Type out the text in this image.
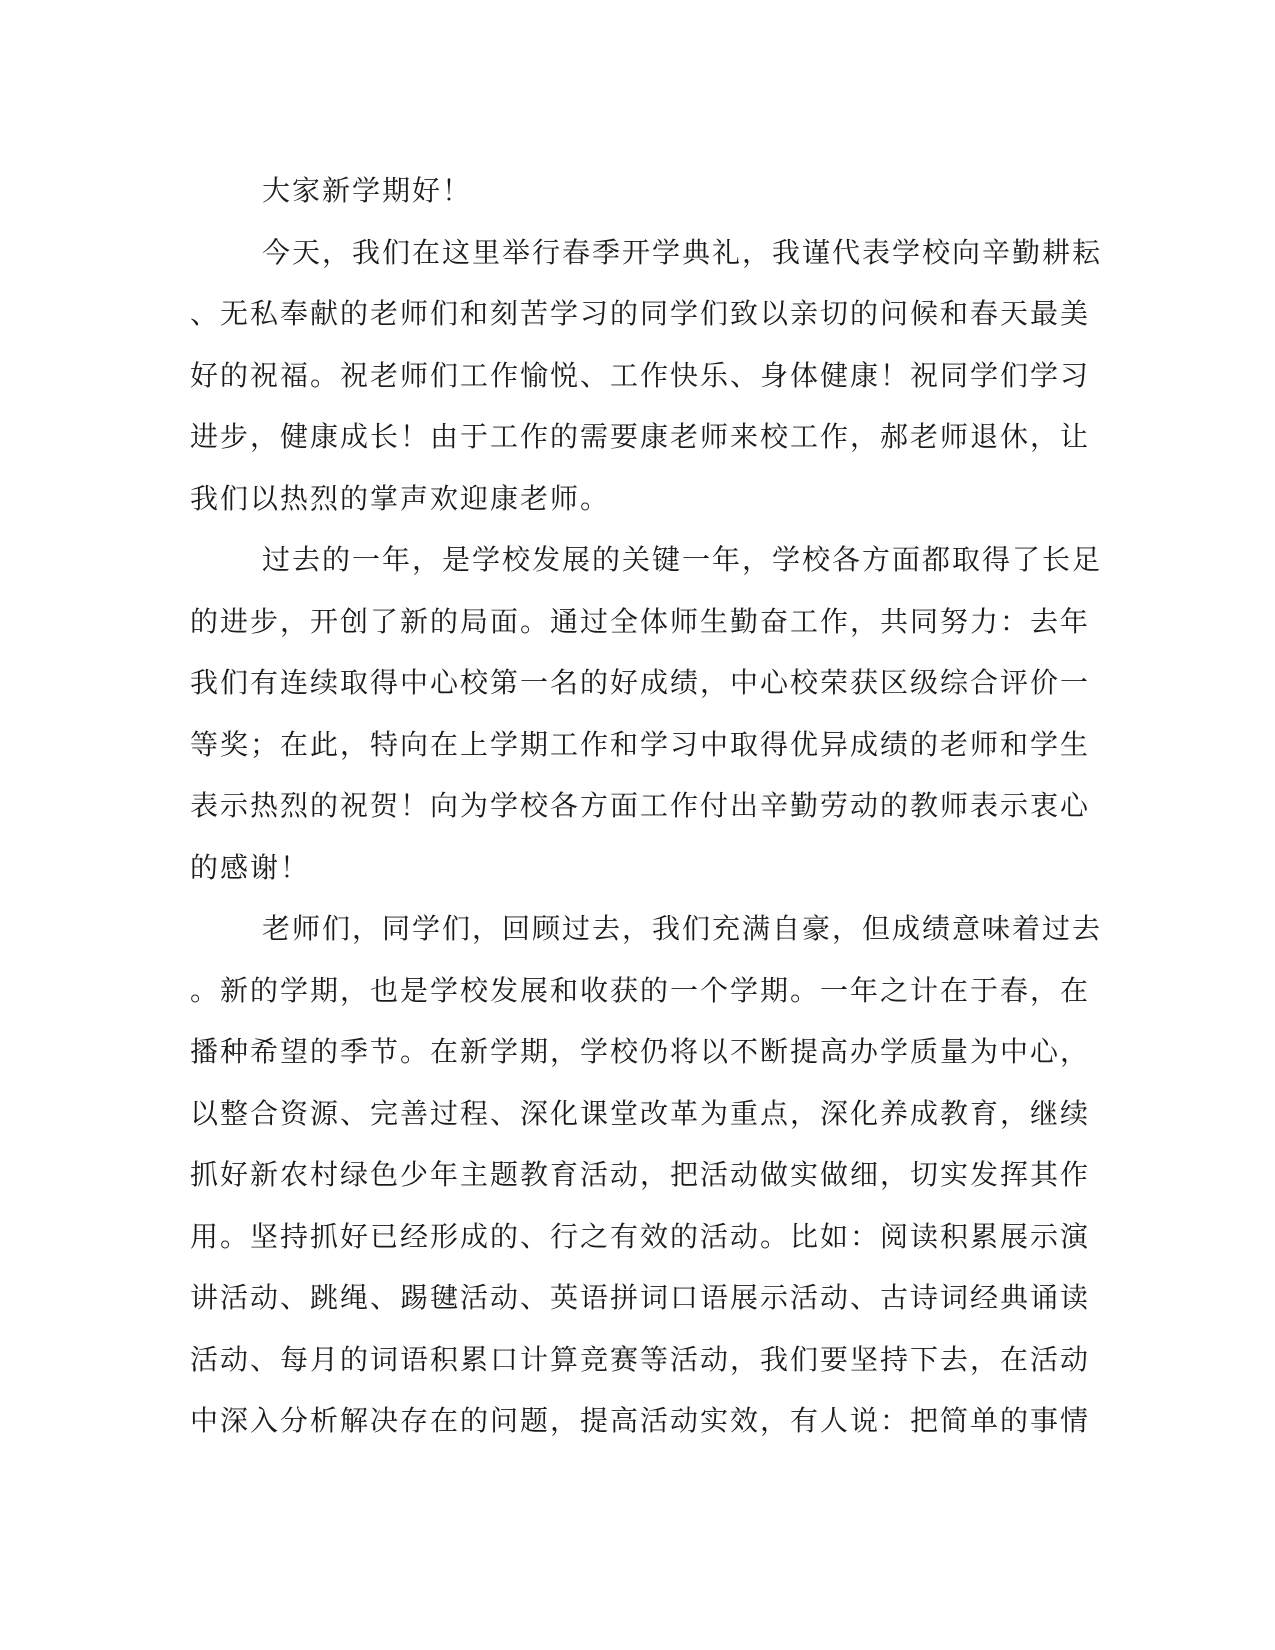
大家新学期好！
今天，我们在这里举行春季开学典礼，我谨代表学校向辛勤耕耘
、无私奉献的老师们和刻苦学习的同学们致以亲切的问候和春天最美
好的祝福。祝老师们工作愉悦、工作快乐、身体健康！祝同学们学习
进步，健康成长！由于工作的需要康老师来校工作，郝老师退休，让
我们以热烈的掌声欢迎康老师。
过去的一年，是学校发展的关键一年，学校各方面都取得了长足
的进步，开创了新的局面。通过全体师生勤奋工作，共同努力：去年
我们有连续取得中心校第一名的好成绩，中心校荣获区级综合评价一
等奖；在此，特向在上学期工作和学习中取得优异成绩的老师和学生
表示热烈的祝贺！向为学校各方面工作付出辛勤劳动的教师表示衷心
的感谢！
老师们，同学们，回顾过去，我们充满自豪，但成绩意味着过去
。新的学期，也是学校发展和收获的一个学期。一年之计在于春，在
播种希望的季节。在新学期，学校仍将以不断提高办学质量为中心，
以整合资源、完善过程、深化课堂改革为重点，深化养成教育，继续
抓好新农村绿色少年主题教育活动，把活动做实做细，切实发挥其作
用。坚持抓好已经形成的、行之有效的活动。比如：阅读积累展示演
讲活动、跳绳、踢毽活动、英语拼词口语展示活动、古诗词经典诵读
活动、每月的词语积累口计算竞赛等活动，我们要坚持下去，在活动
中深入分析解决存在的问题，提高活动实效，有人说：把简单的事情
